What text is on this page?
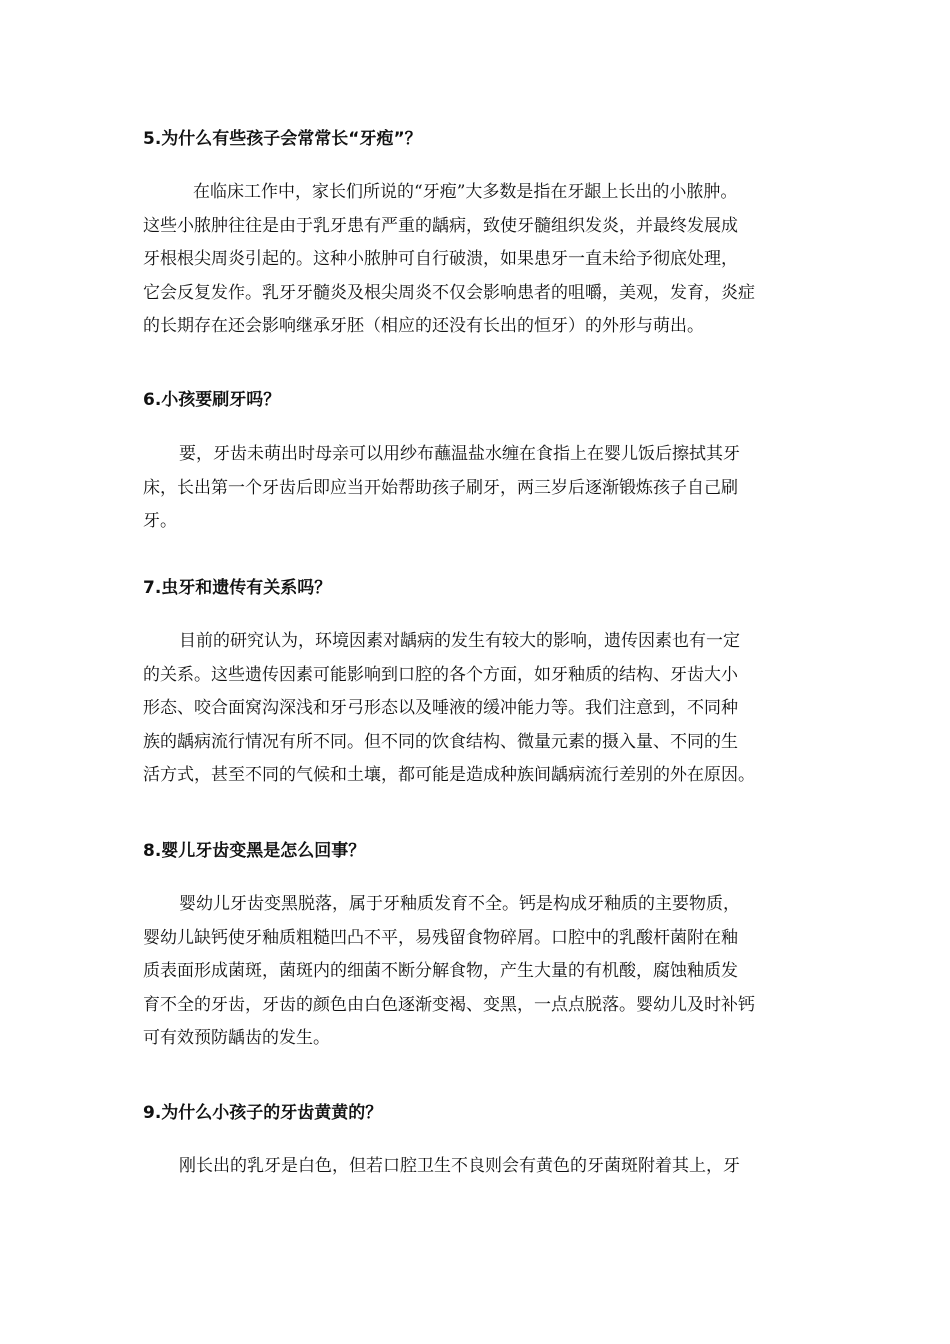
5.为什么有些孩子会常常长“牙疱”？
在临床工作中，家长们所说的“牙疱”大多数是指在牙龈上长出的小脓肿。
这些小脓肿往往是由于乳牙患有严重的龋病，致使牙髓组织发炎，并最终发展成
牙根根尖周炎引起的。这种小脓肿可自行破溃，如果患牙一直未给予彻底处理，
它会反复发作。乳牙牙髓炎及根尖周炎不仅会影响患者的咀嚼，美观，发育，炎症
的长期存在还会影响继承牙胚（相应的还没有长出的恒牙）的外形与萌出。
6.小孩要刷牙吗？
要，牙齿未萌出时母亲可以用纱布蘸温盐水缠在食指上在婴儿饭后擦拭其牙
床，长出第一个牙齿后即应当开始帮助孩子刷牙，两三岁后逐渐锻炼孩子自己刷
牙。
7.虫牙和遗传有关系吗？
目前的研究认为，环境因素对龋病的发生有较大的影响，遗传因素也有一定
的关系。这些遗传因素可能影响到口腔的各个方面，如牙釉质的结构、牙齿大小
形态、咬合面窝沟深浅和牙弓形态以及唾液的缓冲能力等。我们注意到，不同种
族的龋病流行情况有所不同。但不同的饮食结构、微量元素的摄入量、不同的生
活方式，甚至不同的气候和土壤，都可能是造成种族间龋病流行差别的外在原因。
8.婴儿牙齿变黑是怎么回事？
婴幼儿牙齿变黑脱落，属于牙釉质发育不全。钙是构成牙釉质的主要物质，
婴幼儿缺钙使牙釉质粗糙凹凸不平，易残留食物碎屑。口腔中的乳酸杆菌附在釉
质表面形成菌斑，菌斑内的细菌不断分解食物，产生大量的有机酸，腐蚀釉质发
育不全的牙齿，牙齿的颜色由白色逐渐变褐、变黑，一点点脱落。婴幼儿及时补钙
可有效预防龋齿的发生。
9.为什么小孩子的牙齿黄黄的？
刚长出的乳牙是白色，但若口腔卫生不良则会有黄色的牙菌斑附着其上，牙
